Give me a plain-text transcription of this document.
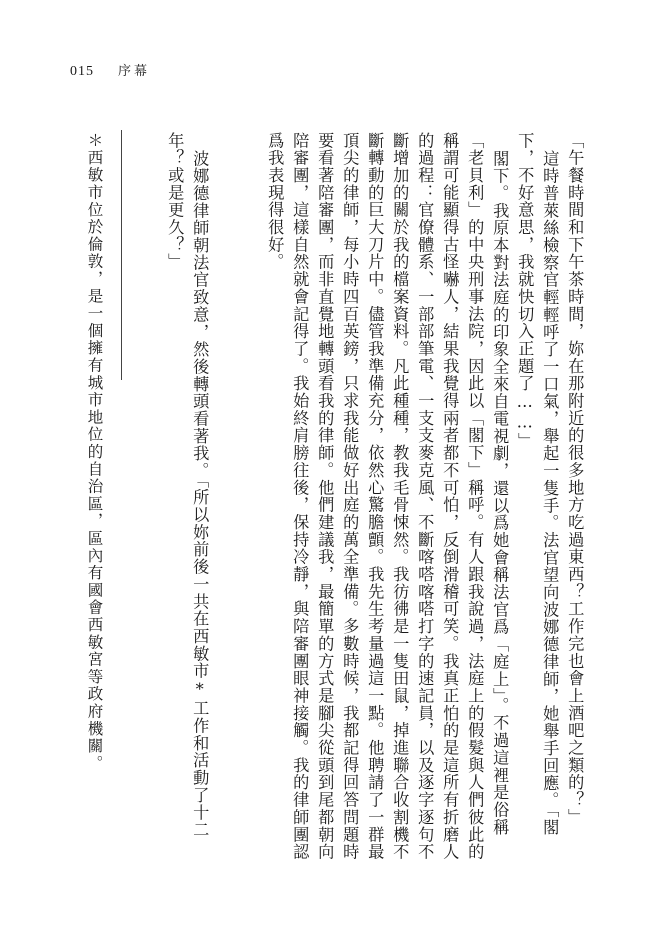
015 序幕
「午餐時間和下午茶時間，妳在那附近的很多地方吃過東西？工作完也會上酒吧之類的？」
這時普萊絲檢察官輕輕呼了一口氣，舉起一隻手。法官望向波娜德律師，她舉手回應。「閣
下，不好意思，我就快切入正題了……」
閣下。我原本對法庭的印象全來自電視劇，還以爲她會稱法官爲「庭上」。不過這裡是俗稱
「老貝利」的中央刑事法院，因此以「閣下」稱呼。有人跟我說過，法庭上的假髮與人們彼此的
稱謂可能顯得古怪嚇人，結果我覺得兩者都不可怕，反倒滑稽可笑。我真正怕的是這所有折磨人
的過程：官僚體系、一部部筆電、一支支麥克風、不斷喀嗒喀嗒打字的速記員，以及逐字逐句不
斷增加的關於我的檔案資料。凡此種種，教我毛骨悚然。我彷彿是一隻田鼠，掉進聯合收割機不
斷轉動的巨大刀片中。儘管我準備充分，依然心驚膽顫。我先生考量過這一點。他聘請了一群最
頂尖的律師，每小時四百英鎊，只求我能做好出庭的萬全準備。多數時候，我都記得回答問題時
要看著陪審團，而非直覺地轉頭看我的律師。他們建議我，最簡單的方式是腳尖從頭到尾都朝向
陪審團，這樣自然就會記得了。我始終肩膀往後，保持冷靜，與陪審團眼神接觸。我的律師團認
爲我表現得很好。
波娜德律師朝法官致意，然後轉頭看著我。「所以妳前後一共在西敏市*工作和活動了十二
年？或是更久？」
＊西敏市位於倫敦，是一個擁有城市地位的自治區，區內有國會西敏宮等政府機關。
